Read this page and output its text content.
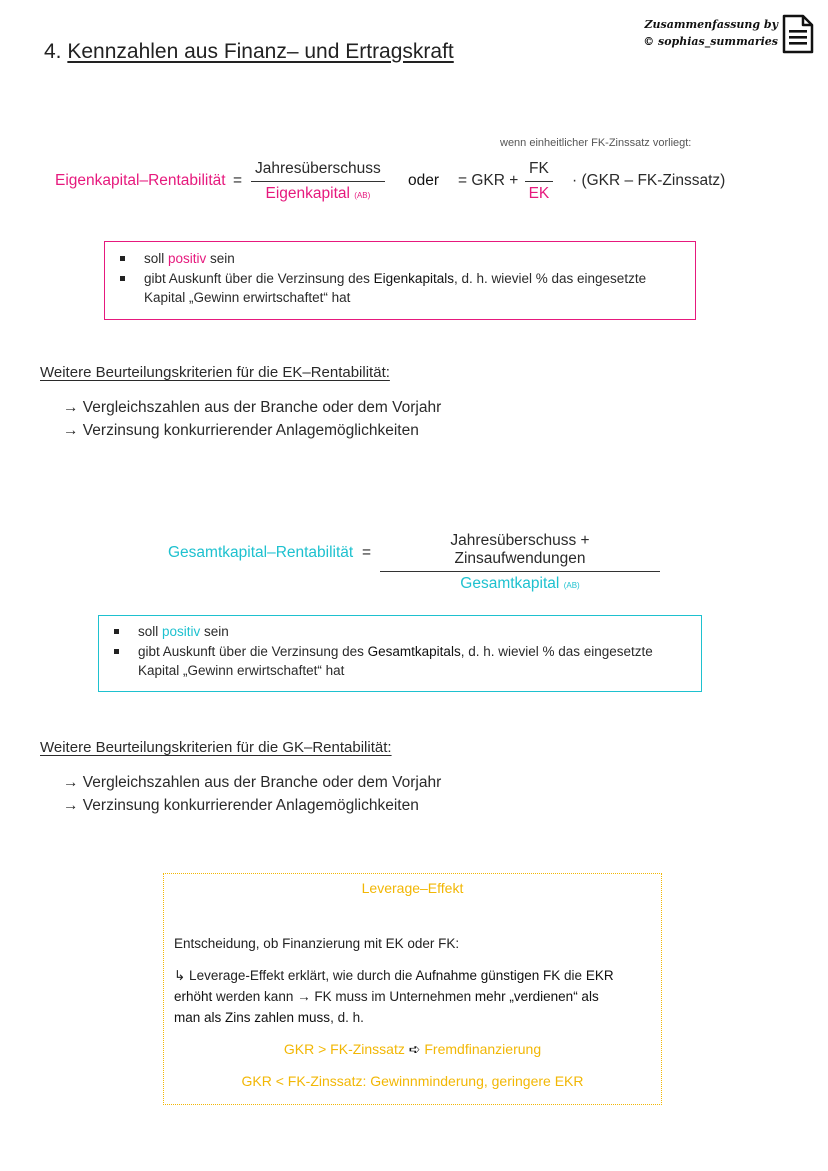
Zusammenfassung by
© sophias_summaries
4. Kennzahlen aus Finanz– und Ertragskraft
wenn einheitlicher FK-Zinssatz vorliegt:
Eigenkapital–Rentabilität =
Jahresüberschuss
Eigenkapital (AB)
oder = GKR + $\frac{FK}{EK} \cdot (GKR$ – FK-Zinssatz)
soll positiv sein
gibt Auskunft über die Verzinsung des Eigenkapitals, d. h. wieviel % das eingesetzte
Kapital „Gewinn erwirtschaftet“ hat
Weitere Beurteilungskriterien für die EK–Rentabilität:
→ Vergleichszahlen aus der Branche oder dem Vorjahr
→ Verzinsung konkurrierender Anlagemöglichkeiten
Gesamtkapital–Rentabilität =
Jahresüberschuss + Zinsaufwendungen
Gesamtkapital (AB)
soll positiv sein
gibt Auskunft über die Verzinsung des Gesamtkapitals, d. h. wieviel % das eingesetzte
Kapital „Gewinn erwirtschaftet“ hat
Weitere Beurteilungskriterien für die GK–Rentabilität:
→ Vergleichszahlen aus der Branche oder dem Vorjahr
→ Verzinsung konkurrierender Anlagemöglichkeiten
Leverage–Effekt
Entscheidung, ob Finanzierung mit EK oder FK:
↳ Leverage-Effekt erklärt, wie durch die Aufnahme günstigen FK die EKR
erhöht werden kann → FK muss im Unternehmen mehr „verdienen“ als
man als Zins zahlen muss, d. h.
GKR > FK-Zinssatz ➪ Fremdfinanzierung
GKR < FK-Zinssatz: Gewinnminderung, geringere EKR
